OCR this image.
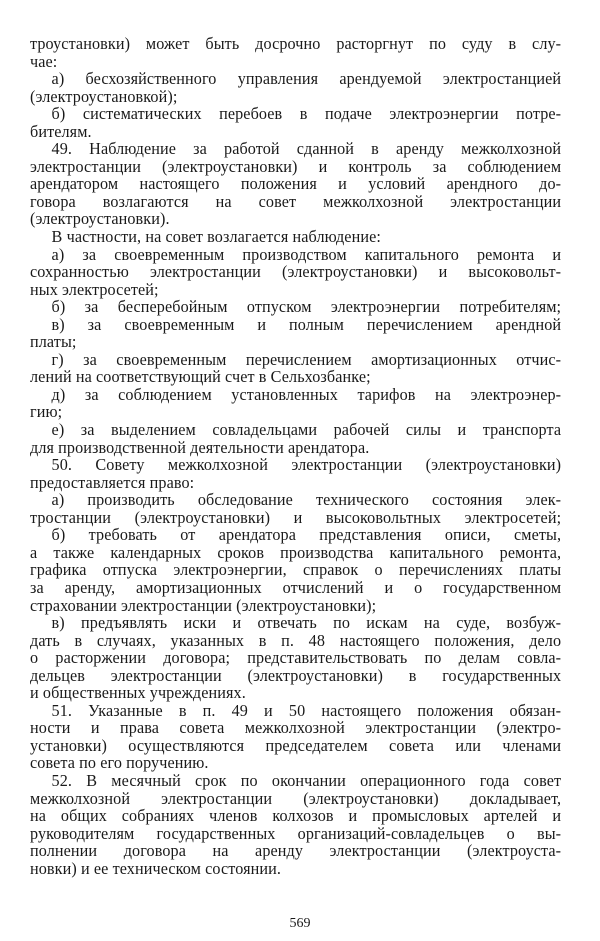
троустановки) может быть досрочно расторгнут по суду в слу-
чае:
а) бесхозяйственного управления арендуемой электростанцией
(электроустановкой);
б) систематических перебоев в подаче электроэнергии потре-
бителям.
49. Наблюдение за работой сданной в аренду межколхозной
электростанции (электроустановки) и контроль за соблюдением
арендатором настоящего положения и условий арендного до-
говора возлагаются на совет межколхозной электростанции
(электроустановки).
В частности, на совет возлагается наблюдение:
а) за своевременным производством капитального ремонта и
сохранностью электростанции (электроустановки) и высоковольт-
ных электросетей;
б) за бесперебойным отпуском электроэнергии потребителям;
в) за своевременным и полным перечислением арендной
платы;
г) за своевременным перечислением амортизационных отчис-
лений на соответствующий счет в Сельхозбанке;
д) за соблюдением установленных тарифов на электроэнер-
гию;
е) за выделением совладельцами рабочей силы и транспорта
для производственной деятельности арендатора.
50. Совету межколхозной электростанции (электроустановки)
предоставляется право:
а) производить обследование технического состояния элек-
тростанции (электроустановки) и высоковольтных электросетей;
б) требовать от арендатора представления описи, сметы,
а также календарных сроков производства капитального ремонта,
графика отпуска электроэнергии, справок о перечислениях платы
за аренду, амортизационных отчислений и о государственном
страховании электростанции (электроустановки);
в) предъявлять иски и отвечать по искам на суде, возбуж-
дать в случаях, указанных в п. 48 настоящего положения, дело
о расторжении договора; представительствовать по делам совла-
дельцев электростанции (электроустановки) в государственных
и общественных учреждениях.
51. Указанные в п. 49 и 50 настоящего положения обязан-
ности и права совета межколхозной электростанции (электро-
установки) осуществляются председателем совета или членами
совета по его поручению.
52. В месячный срок по окончании операционного года совет
межколхозной электростанции (электроустановки) докладывает,
на общих собраниях членов колхозов и промысловых артелей и
руководителям государственных организаций-совладельцев о вы-
полнении договора на аренду электростанции (электроуста-
новки) и ее техническом состоянии.
569
